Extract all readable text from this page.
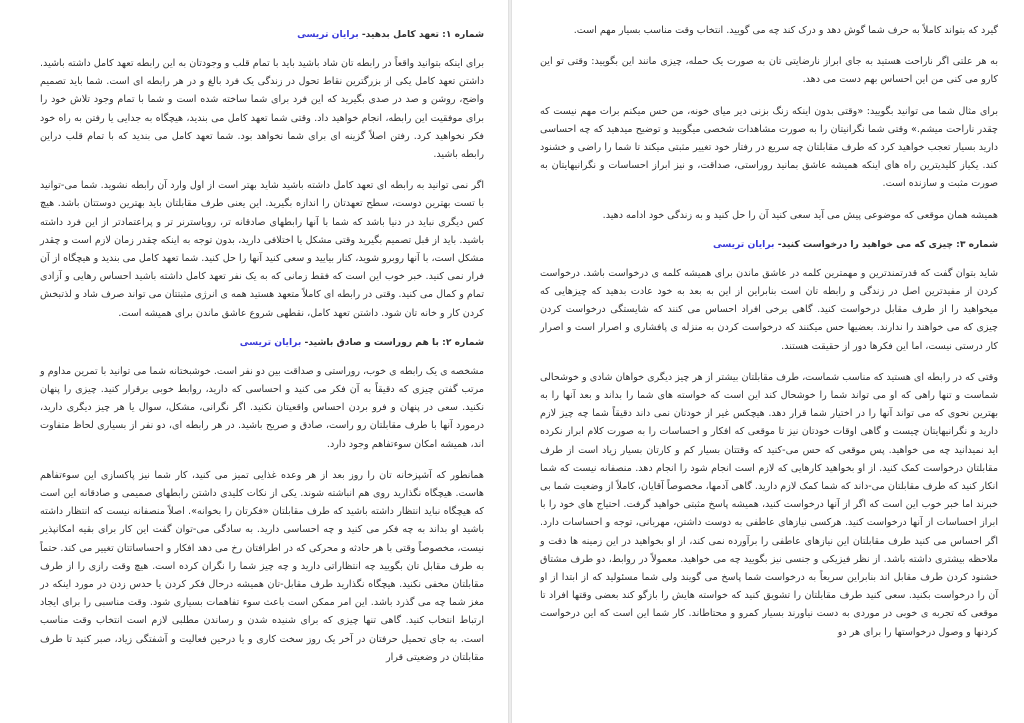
شماره ۱: تعهد کامل بدهید- برایان تریسی

برای اینکه بتوانید واقعاً در رابطه تان شاد باشید باید با تمام قلب و وجودتان به این رابطه تعهد کامل داشته باشید. داشتن تعهد کامل یکی از بزرگترین نقاط تحول در زندگی یک فرد بالغ و در هر رابطه ای است. شما باید تصمیم واضح، روشن و صد در صدی بگیرید که این فرد برای شما ساخته شده است و شما با تمام وجود تلاش خود را برای موفقیت این رابطه، انجام خواهید داد. وقتی شما تعهد کامل می بندید، هیچگاه به جدایی یا رفتن به راه خود فکر نخواهید کرد. رفتن اصلاً گزینه ای برای شما نخواهد بود. شما تعهد کامل می بندید که با تمام قلب دراین رابطه باشید.

اگر نمی توانید به رابطه ای تعهد کامل داشته باشید شاید بهتر است از اول وارد آن رابطه نشوید. شما می-توانید با تست بهترین دوست، سطح تعهدتان را اندازه بگیرید. این یعنی طرف مقابلتان باید بهترین دوستتان باشد. هیچ کس دیگری نباید در دنیا باشد که شما با آنها رابطهای صادقانه تر، رویاسترنر تر و پراعتمادتر از این فرد داشته باشید. باید از قبل تصمیم بگیرید وقتی مشکل یا اختلافی دارید، بدون توجه به اینکه چقدر زمان لازم است و چقدر مشکل است، با آنها روبرو شوید، کنار بیایید و سعی کنید آنها را حل کنید. شما تعهد کامل می بندید و هیچگاه از آن فرار نمی کنید. خبر خوب این است که فقط زمانی که به یک نفر تعهد کامل داشته باشید احساس رهایی و آزادی تمام و کمال می کنید. وقتی در رابطه ای کاملاً متعهد هستید همه ی انرژی مثبتتان می تواند صرف شاد و لذتبخش کردن کار و خانه تان شود. داشتن تعهد کامل، نقطهی شروع عاشق ماندن برای همیشه است.

شماره ۲: با هم روراست و صادق باشید- برایان تریسی

مشخصه ی یک رابطه ی خوب، روراستی و صداقت بین دو نفر است. خوشبختانه شما می توانید با تمرین مداوم و مرتب گفتن چیزی که دقیقاً به آن فکر می کنید و احساسی که دارید، روابط خوبی برقرار کنید. چیزی را پنهان نکنید. سعی در پنهان و فرو بردن احساس واقعیتان نکنید. اگر نگرانی، مشکل، سوال یا هر چیز دیگری دارید، درمورد آنها با طرف مقابلتان رو راست، صادق و صریح باشید. در هر رابطه ای، دو نفر از بسیاری لحاظ متفاوت اند، همیشه امکان سوءتفاهم وجود دارد.

همانطور که آشپزخانه تان را روز بعد از هر وعده غذایی تمیز می کنید، کار شما نیز پاکسازی این سوءتفاهم هاست. هیچگاه نگذارید روی هم انباشته شوند. یکی از نکات کلیدی داشتن رابطهای صمیمی و صادقانه این است که هیچگاه نباید انتظار داشته باشید که طرف مقابلتان «فکرتان را بخوانه». اصلاً منصفانه نیست که انتظار داشته باشید او بداند به چه فکر می کنید و چه احساسی دارید. به سادگی می-توان گفت این کار برای بقیه امکانپذیر نیست، مخصوصاً وقتی با هر حادثه و محرکی که در اطرافتان رخ می دهد افکار و احساساتتان تغییر می کند. حتماً به طرف مقابل تان بگویید چه انتظاراتی دارید و چه چیز شما را نگران کرده است. هیچ وقت رازی را از طرف مقابلتان مخفی نکنید. هیچگاه نگذارید طرف مقابل-تان همیشه درحال فکر کردن یا حدس زدن در مورد اینکه در مغز شما چه می گذرد باشد. این امر ممکن است باعث سوء تفاهمات بسیاری شود. وقت مناسبی را برای ایجاد ارتباط انتخاب کنید. گاهی تنها چیزی که برای شنیده شدن و رساندن مطلبی لازم است انتخاب وقت مناسب است. به جای تحمیل حرفتان در آخر یک روز سخت کاری و یا درحین فعالیت و آشفتگی زیاد، صبر کنید تا طرف مقابلتان در وضعیتی قرار

گیرد که بتواند کاملاً به حرف شما گوش دهد و درک کند چه می گویید. انتخاب وقت مناسب بسیار مهم است.

به هر علتی اگر ناراحت هستید به جای ابراز نارضایتی تان به صورت یک حمله، چیزی مانند این بگویید: وقتی تو این کارو می کنی من این احساس بهم دست می دهد.

برای مثال شما می توانید بگویید: «وقتی بدون اینکه زنگ بزنی دیر میای خونه، من حس میکنم برات مهم نیست که چقدر ناراحت میشم.» وقتی شما نگرانیتان را به صورت مشاهدات شخصی میگویید و توضیح میدهید که چه احساسی دارید بسیار تعجب خواهید کرد که طرف مقابلتان چه سریع در رفتار خود تغییر مثبتی میکند تا شما را راضی و خشنود کند. یکیاز کلیدیترین راه های اینکه همیشه عاشق بمانید روراستی، صداقت، و نیز ابراز احساسات و نگرانیهایتان به صورت مثبت و سازنده است.

همیشه همان موقعی که موضوعی پیش می آید سعی کنید آن را حل کنید و به زندگی خود ادامه دهید.

شماره ۳: چیزی که می خواهید را درخواست کنید- برایان تریسی

شاید بتوان گفت که قدرتمندترین و مهمترین کلمه در عاشق ماندن برای همیشه کلمه ی درخواست باشد. درخواست کردن از مفیدترین اصل در زندگی و رابطه تان است بنابراین از این به بعد به خود عادت بدهید که چیزهایی که میخواهید را از طرف مقابل درخواست کنید. گاهی برخی افراد احساس می کنند که شایستگی درخواست کردن چیزی که می خواهند را ندارند. بعضیها حس میکنند که درخواست کردن به منزله ی پافشاری و اصرار است و اصرار کار درستی نیست، اما این فکرها دور از حقیقت هستند.

وقتی که در رابطه ای هستید که مناسب شماست، طرف مقابلتان بیشتر از هر چیز دیگری خواهان شادی و خوشحالی شماست و تنها راهی که او می تواند شما را خوشحال کند این است که خواسته های شما را بداند و بعد آنها را به بهترین نحوی که می تواند آنها را در اختیار شما قرار دهد. هیچکس غیر از خودتان نمی داند دقیقاً شما چه چیز لازم دارید و نگرانیهایتان چیست و گاهی اوقات خودتان نیز تا موقعی که افکار و احساسات را به صورت کلام ابراز نکرده اید نمیدانید چه می خواهید. پس موقعی که حس می-کنید که وقتتان بسیار کم و کارتان بسیار زیاد است از طرف مقابلتان درخواست کمک کنید. از او بخواهید کارهایی که لازم است انجام شود را انجام دهد. منصفانه نیست که شما انکار کنید که طرف مقابلتان می-داند که شما کمک لازم دارید. گاهی آدمها، مخصوصاً آقایان، کاملاً از وضعیت شما بی خبرند اما خبر خوب این است که اگر از آنها درخواست کنید، همیشه پاسخ مثبتی خواهید گرفت. احتیاج های خود را با ابراز احساسات از آنها درخواست کنید. هرکسی نیازهای عاطفی به دوست داشتن، مهربانی، توجه و احساسات دارد. اگر احساس می کنید طرف مقابلتان این نیازهای عاطفی را برآورده نمی کند، از او بخواهید در این زمینه ها دقت و ملاحظه بیشتری داشته باشد. از نظر فیزیکی و جنسی نیز بگویید چه می خواهید. معمولاً در روابط، دو طرف مشتاق خشنود کردن طرف مقابل اند بنابراین سریعاً به درخواست شما پاسخ می گویند ولی شما مسئولید که از ابتدا از او آن را درخواست بکنید. سعی کنید طرف مقابلتان را تشویق کنید که خواسته هایش را بازگو کند بعضی وقتها افراد تا موقعی که تجربه ی خوبی در موردی به دست نیاورند بسیار کمرو و محتاطاند. کار شما این است که این درخواست کردنها و وصول درخواستها را برای هر دو
